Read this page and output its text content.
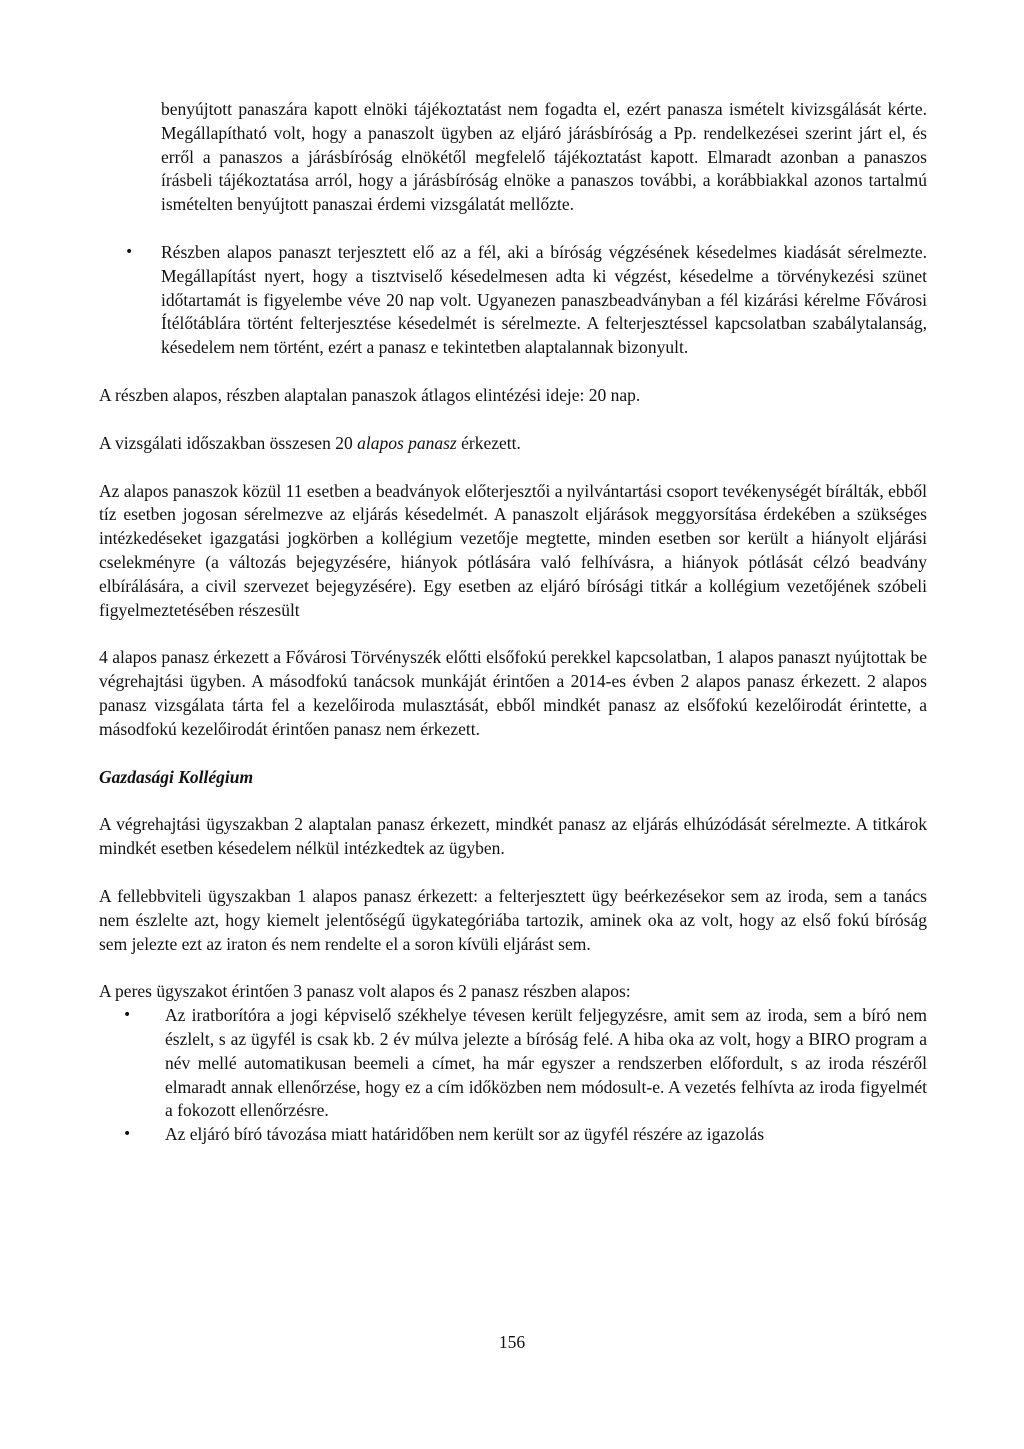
benyújtott panaszára kapott elnöki tájékoztatást nem fogadta el, ezért panasza ismételt kivizsgálását kérte. Megállapítható volt, hogy a panaszolt ügyben az eljáró járásbíróság a Pp. rendelkezései szerint járt el, és erről a panaszos a járásbíróság elnökétől megfelelő tájékoztatást kapott. Elmaradt azonban a panaszos írásbeli tájékoztatása arról, hogy a járásbíróság elnöke a panaszos további, a korábbiakkal azonos tartalmú ismételten benyújtott panaszai érdemi vizsgálatát mellőzte.

• Részben alapos panaszt terjesztett elő az a fél, aki a bíróság végzésének késedelmes kiadását sérelmezte. Megállapítást nyert, hogy a tisztviselő késedelmesen adta ki végzést, késedelme a törvénykezési szünet időtartamát is figyelembe véve 20 nap volt. Ugyanezen panaszbeadványban a fél kizárási kérelme Fővárosi Ítélőtáblára történt felterjesztése késedelmét is sérelmezte. A felterjesztéssel kapcsolatban szabálytalanság, késedelem nem történt, ezért a panasz e tekintetben alaptalannak bizonyult.

A részben alapos, részben alaptalan panaszok átlagos elintézési ideje: 20 nap.

A vizsgálati időszakban összesen 20 alapos panasz érkezett.

Az alapos panaszok közül 11 esetben a beadványok előterjesztői a nyilvántartási csoport tevékenységét bírálták, ebből tíz esetben jogosan sérelmezve az eljárás késedelmét. A panaszolt eljárások meggyorsítása érdekében a szükséges intézkedéseket igazgatási jogkörben a kollégium vezetője megtette, minden esetben sor került a hiányolt eljárási cselekményre (a változás bejegyzésére, hiányok pótlására való felhívásra, a hiányok pótlását célzó beadvány elbírálására, a civil szervezet bejegyzésére). Egy esetben az eljáró bírósági titkár a kollégium vezetőjének szóbeli figyelmeztetésében részesült

4 alapos panasz érkezett a Fővárosi Törvényszék előtti elsőfokú perekkel kapcsolatban, 1 alapos panaszt nyújtottak be végrehajtási ügyben. A másodfokú tanácsok munkáját érintően a 2014-es évben 2 alapos panasz érkezett. 2 alapos panasz vizsgálata tárta fel a kezelőiroda mulasztását, ebből mindkét panasz az elsőfokú kezelőirodát érintette, a másodfokú kezelőirodát érintően panasz nem érkezett.

Gazdasági Kollégium

A végrehajtási ügyszakban 2 alaptalan panasz érkezett, mindkét panasz az eljárás elhúzódását sérelmezte. A titkárok mindkét esetben késedelem nélkül intézkedtek az ügyben.

A fellebbviteli ügyszakban 1 alapos panasz érkezett: a felterjesztett ügy beérkezésekor sem az iroda, sem a tanács nem észlelte azt, hogy kiemelt jelentőségű ügykategóriába tartozik, aminek oka az volt, hogy az első fokú bíróság sem jelezte ezt az iraton és nem rendelte el a soron kívüli eljárást sem.

A peres ügyszakot érintően 3 panasz volt alapos és 2 panasz részben alapos:

• Az iratborítóra a jogi képviselő székhelye tévesen került feljegyzésre, amit sem az iroda, sem a bíró nem észlelt, s az ügyfél is csak kb. 2 év múlva jelezte a bíróság felé. A hiba oka az volt, hogy a BIRO program a név mellé automatikusan beemeli a címet, ha már egyszer a rendszerben előfordult, s az iroda részéről elmaradt annak ellenőrzése, hogy ez a cím időközben nem módosult-e. A vezetés felhívta az iroda figyelmét a fokozott ellenőrzésre.

• Az eljáró bíró távozása miatt határidőben nem került sor az ügyfél részére az igazolás

156
